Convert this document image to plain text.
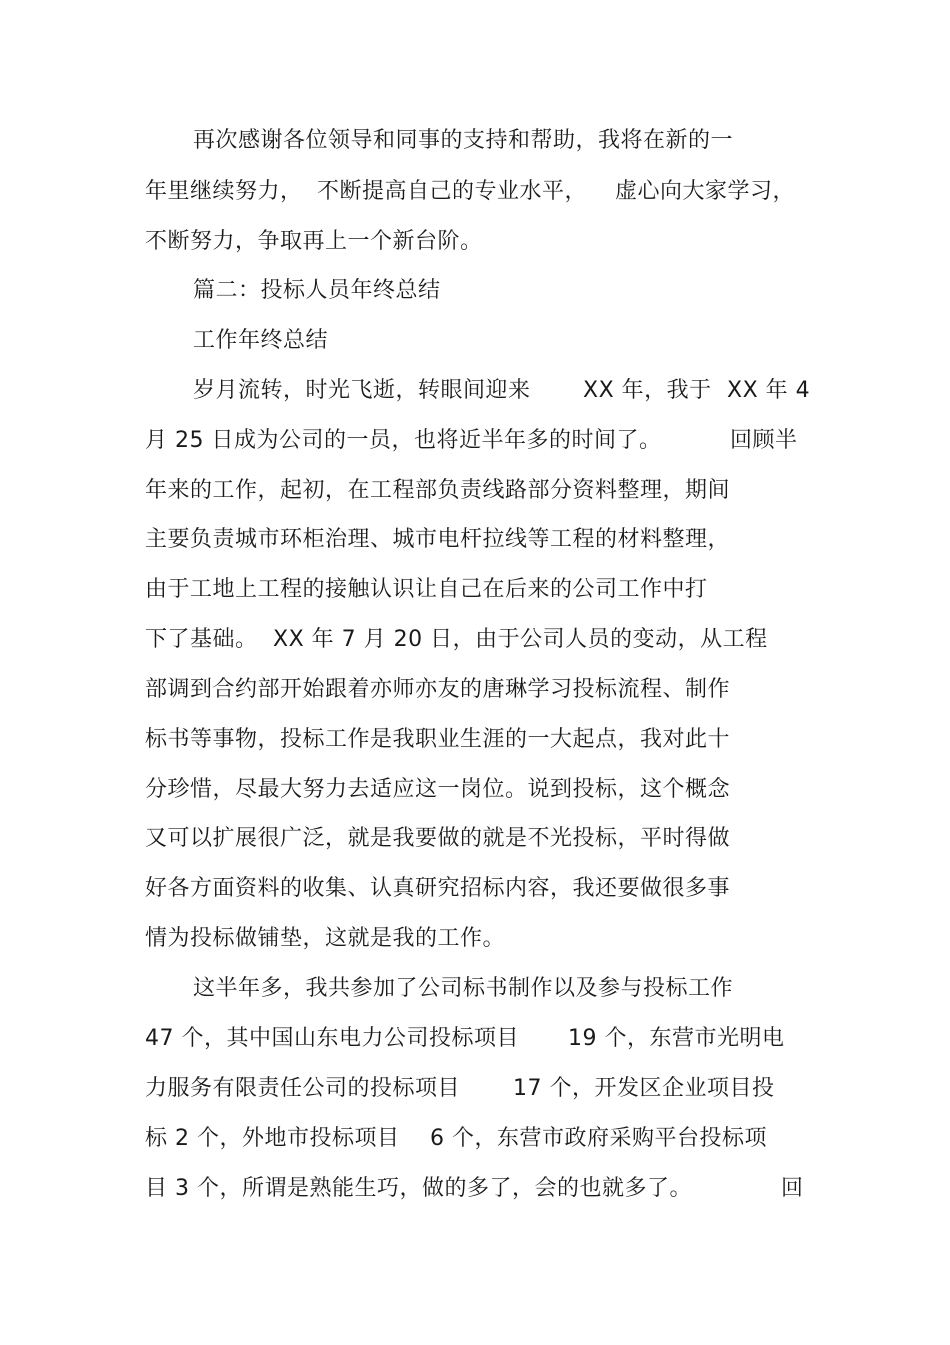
再次感谢各位领导和同事的支持和帮助，我将在新的一
年里继续努力， 不断提高自己的专业水平， 虚心向大家学习，
不断努力，争取再上一个新台阶。
篇二：投标人员年终总结
工作年终总结
岁月流转，时光飞逝，转眼间迎来 XX 年，我于 XX 年 4
月 25 日成为公司的一员，也将近半年多的时间了。	回顾半
年来的工作，起初，在工程部负责线路部分资料整理，期间
主要负责城市环柜治理、城市电杆拉线等工程的材料整理，
由于工地上工程的接触认识让自己在后来的公司工作中打
下了基础。 XX 年 7 月 20 日，由于公司人员的变动，从工程
部调到合约部开始跟着亦师亦友的唐琳学习投标流程、制作
标书等事物，投标工作是我职业生涯的一大起点，我对此十
分珍惜，尽最大努力去适应这一岗位。说到投标，这个概念
又可以扩展很广泛，就是我要做的就是不光投标，平时得做
好各方面资料的收集、认真研究招标内容，我还要做很多事
情为投标做铺垫，这就是我的工作。
这半年多，我共参加了公司标书制作以及参与投标工作
47 个，其中国山东电力公司投标项目 19 个，东营市光明电
力服务有限责任公司的投标项目 17 个，开发区企业项目投
标 2 个，外地市投标项目 6 个，东营市政府采购平台投标项
目 3 个，所谓是熟能生巧，做的多了，会的也就多了。	回
